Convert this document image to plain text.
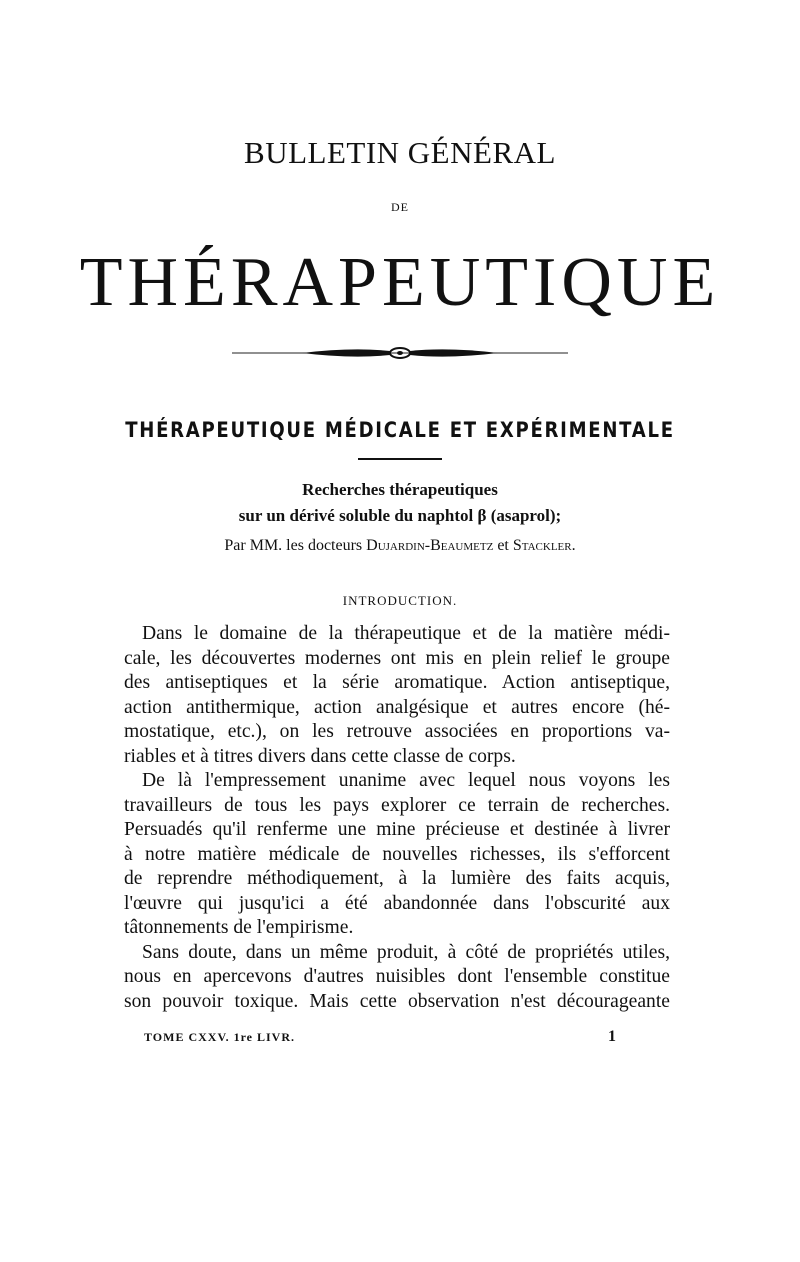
BULLETIN GÉNÉRAL
DE
THÉRAPEUTIQUE
THÉRAPEUTIQUE MÉDICALE ET EXPÉRIMENTALE
Recherches thérapeutiques
sur un dérivé soluble du naphtol β (asaprol);
Par MM. les docteurs Dujardin-Beaumetz et Stackler.
INTRODUCTION.
Dans le domaine de la thérapeutique et de la matière médi-
cale, les découvertes modernes ont mis en plein relief le groupe
des antiseptiques et la série aromatique. Action antiseptique,
action antithermique, action analgésique et autres encore (hé-
mostatique, etc.), on les retrouve associées en proportions va-
riables et à titres divers dans cette classe de corps.
De là l'empressement unanime avec lequel nous voyons les
travailleurs de tous les pays explorer ce terrain de recherches.
Persuadés qu'il renferme une mine précieuse et destinée à livrer
à notre matière médicale de nouvelles richesses, ils s'efforcent
de reprendre méthodiquement, à la lumière des faits acquis,
l'œuvre qui jusqu'ici a été abandonnée dans l'obscurité aux
tâtonnements de l'empirisme.
Sans doute, dans un même produit, à côté de propriétés utiles,
nous en apercevons d'autres nuisibles dont l'ensemble constitue
son pouvoir toxique. Mais cette observation n'est décourageante
TOME CXXV. 1re LIVR.	1
